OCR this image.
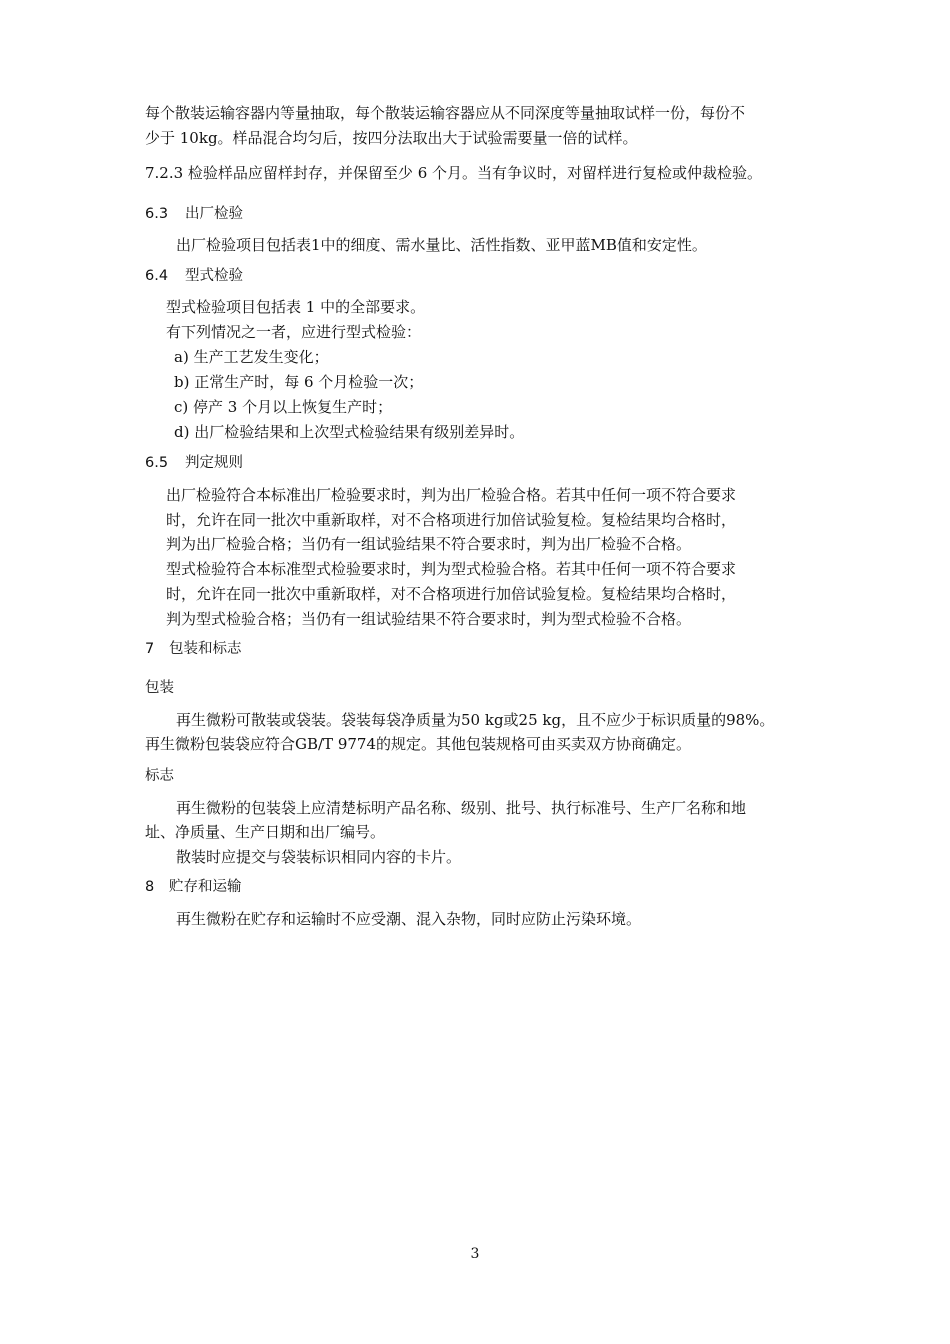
每个散装运输容器内等量抽取，每个散装运输容器应从不同深度等量抽取试样一份，每份不
少于 10kg。样品混合均匀后，按四分法取出大于试验需要量一倍的试样。
7.2.3 检验样品应留样封存，并保留至少 6 个月。当有争议时，对留样进行复检或仲裁检验。
6.3 出厂检验
出厂检验项目包括表1中的细度、需水量比、活性指数、亚甲蓝MB值和安定性。
6.4 型式检验
型式检验项目包括表 1 中的全部要求。
有下列情况之一者，应进行型式检验：
a) 生产工艺发生变化；
b) 正常生产时，每 6 个月检验一次；
c) 停产 3 个月以上恢复生产时；
d) 出厂检验结果和上次型式检验结果有级别差异时。
6.5 判定规则
出厂检验符合本标准出厂检验要求时，判为出厂检验合格。若其中任何一项不符合要求
时，允许在同一批次中重新取样，对不合格项进行加倍试验复检。复检结果均合格时，
判为出厂检验合格；当仍有一组试验结果不符合要求时，判为出厂检验不合格。
型式检验符合本标准型式检验要求时，判为型式检验合格。若其中任何一项不符合要求
时，允许在同一批次中重新取样，对不合格项进行加倍试验复检。复检结果均合格时，
判为型式检验合格；当仍有一组试验结果不符合要求时，判为型式检验不合格。
7 包装和标志
包装
再生微粉可散装或袋装。袋装每袋净质量为50 kg或25 kg，且不应少于标识质量的98%。
再生微粉包装袋应符合GB/T 9774的规定。其他包装规格可由买卖双方协商确定。
标志
再生微粉的包装袋上应清楚标明产品名称、级别、批号、执行标准号、生产厂名称和地
址、净质量、生产日期和出厂编号。
散装时应提交与袋装标识相同内容的卡片。
8 贮存和运输
再生微粉在贮存和运输时不应受潮、混入杂物，同时应防止污染环境。
3
